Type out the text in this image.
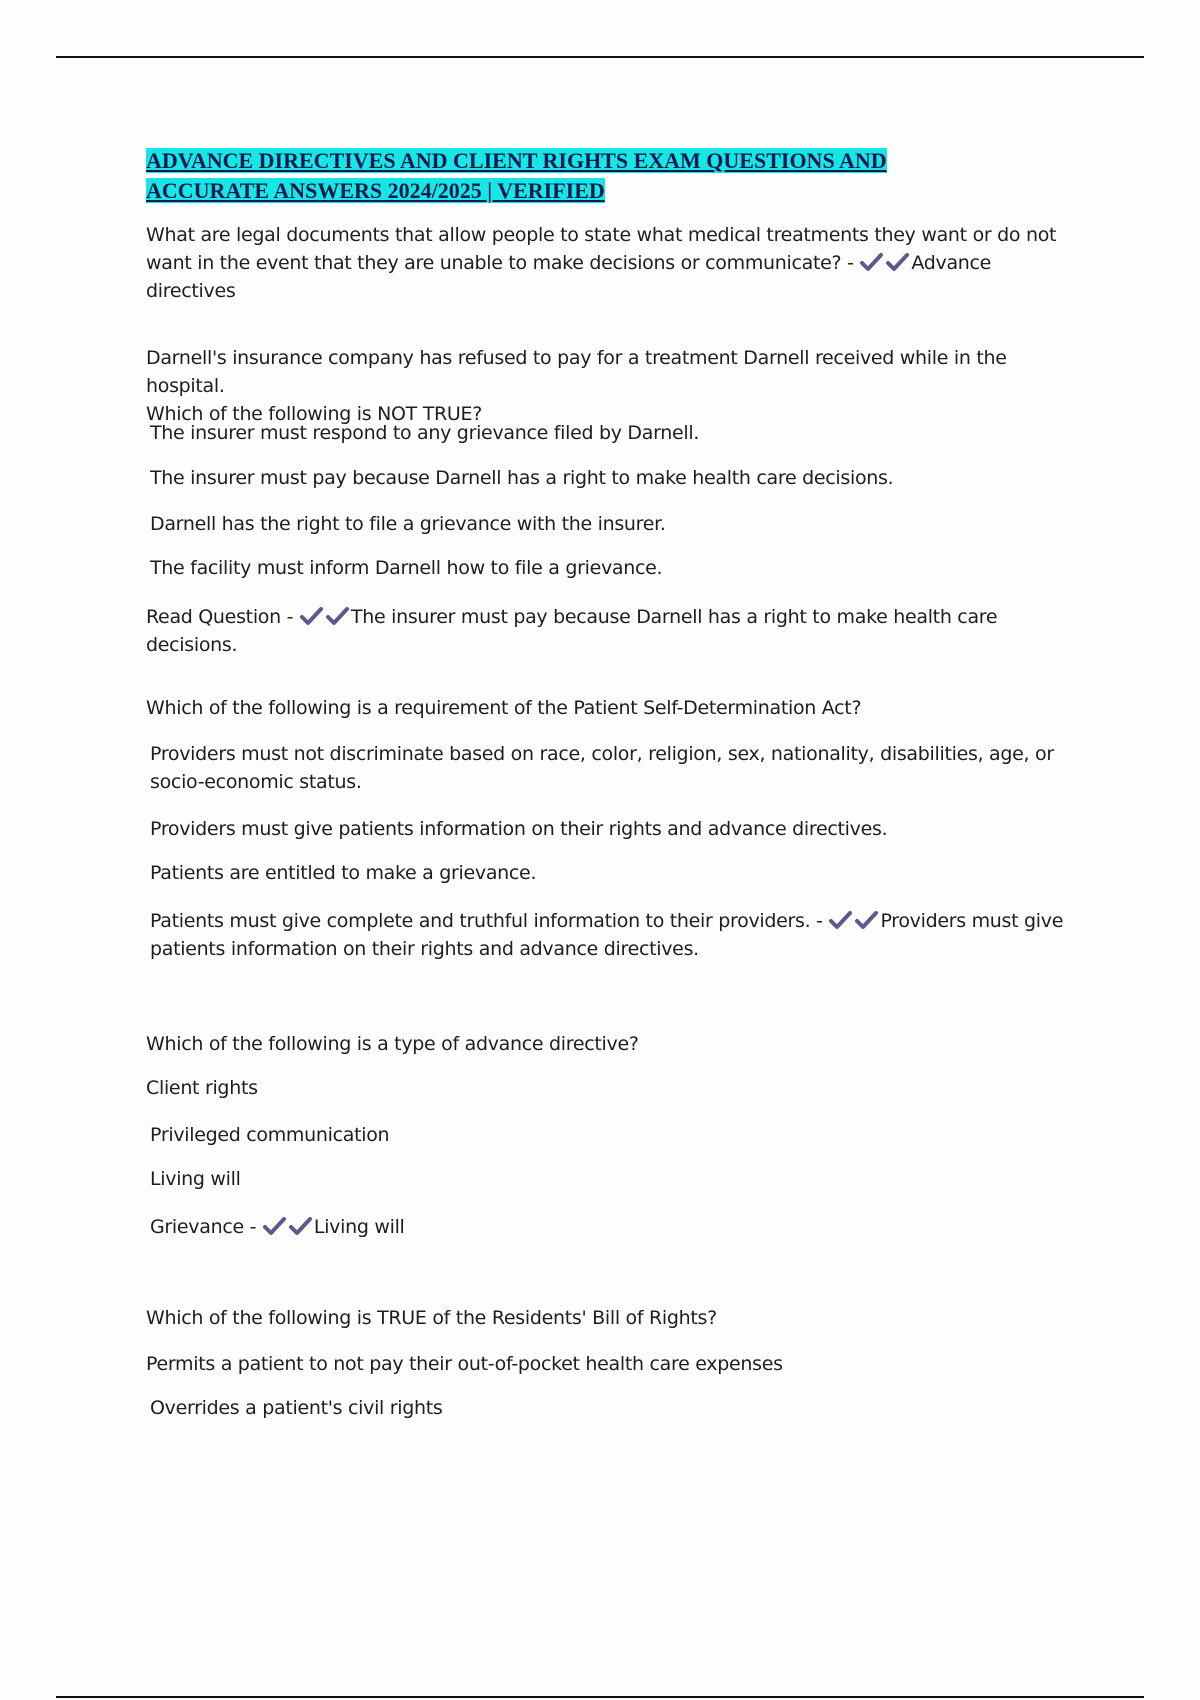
ADVANCE DIRECTIVES AND CLIENT RIGHTS EXAM QUESTIONS AND
ACCURATE ANSWERS 2024/2025 | VERIFIED

What are legal documents that allow people to state what medical treatments they want or do not want in the event that they are unable to make decisions or communicate? -	Advance directives

Darnell's insurance company has refused to pay for a treatment Darnell received while in the hospital.
Which of the following is NOT TRUE?

The insurer must respond to any grievance filed by Darnell.

The insurer must pay because Darnell has a right to make health care decisions.

Darnell has the right to file a grievance with the insurer.

The facility must inform Darnell how to file a grievance.

Read Question -	The insurer must pay because Darnell has a right to make health care decisions.

Which of the following is a requirement of the Patient Self-Determination Act?

Providers must not discriminate based on race, color, religion, sex, nationality, disabilities, age, or socio-economic status.

Providers must give patients information on their rights and advance directives.

Patients are entitled to make a grievance.

Patients must give complete and truthful information to their providers. -	Providers must give patients information on their rights and advance directives.

Which of the following is a type of advance directive?

Client rights

Privileged communication

Living will

Grievance -	Living will

Which of the following is TRUE of the Residents' Bill of Rights?

Permits a patient to not pay their out-of-pocket health care expenses

Overrides a patient's civil rights
